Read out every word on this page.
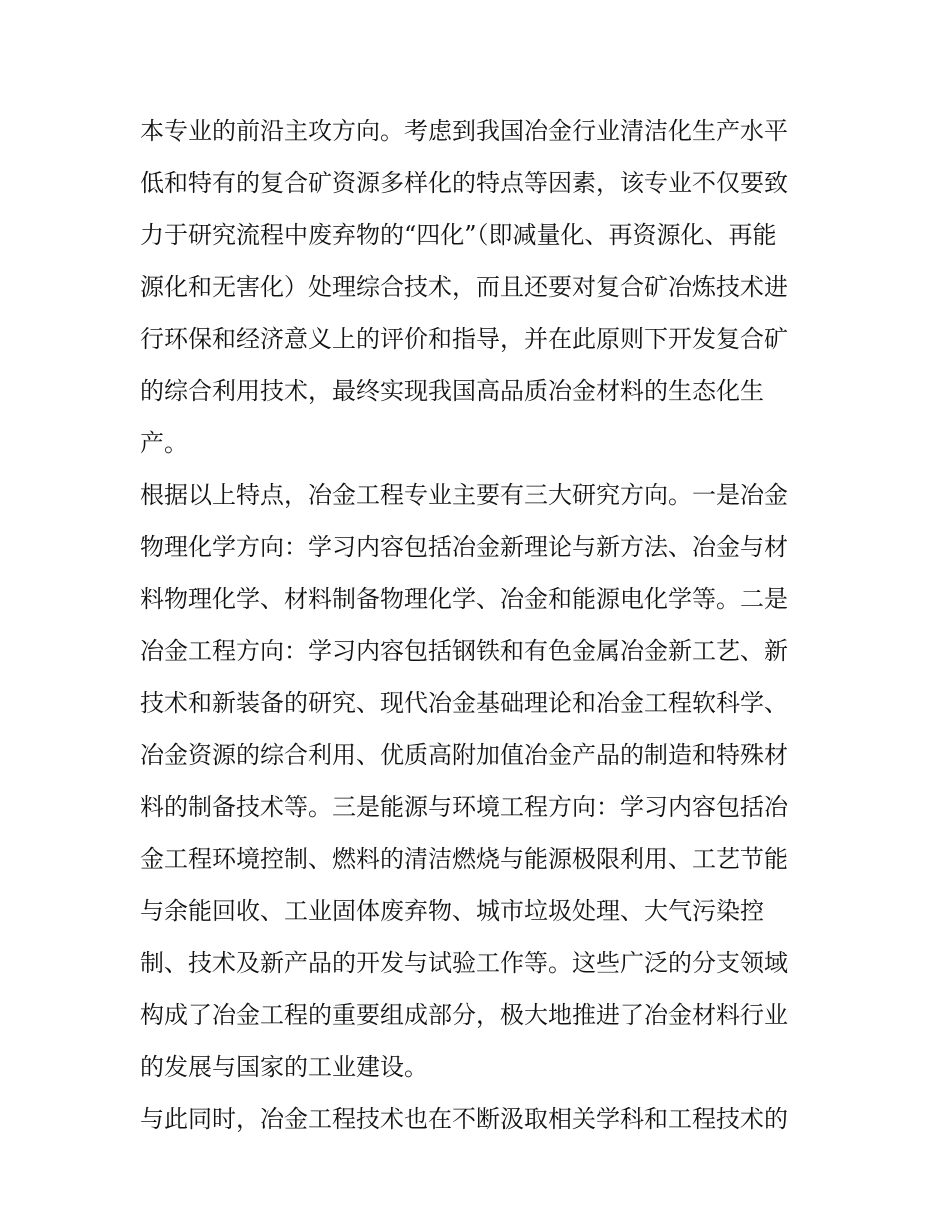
本专业的前沿主攻方向。考虑到我国冶金行业清洁化生产水平
低和特有的复合矿资源多样化的特点等因素，该专业不仅要致
力于研究流程中废弃物的“四化”（即减量化、再资源化、再能
源化和无害化）处理综合技术，而且还要对复合矿冶炼技术进
行环保和经济意义上的评价和指导，并在此原则下开发复合矿
的综合利用技术，最终实现我国高品质冶金材料的生态化生
产。
根据以上特点，冶金工程专业主要有三大研究方向。一是冶金
物理化学方向：学习内容包括冶金新理论与新方法、冶金与材
料物理化学、材料制备物理化学、冶金和能源电化学等。二是
冶金工程方向：学习内容包括钢铁和有色金属冶金新工艺、新
技术和新装备的研究、现代冶金基础理论和冶金工程软科学、
冶金资源的综合利用、优质高附加值冶金产品的制造和特殊材
料的制备技术等。三是能源与环境工程方向：学习内容包括冶
金工程环境控制、燃料的清洁燃烧与能源极限利用、工艺节能
与余能回收、工业固体废弃物、城市垃圾处理、大气污染控
制、技术及新产品的开发与试验工作等。这些广泛的分支领域
构成了冶金工程的重要组成部分，极大地推进了冶金材料行业
的发展与国家的工业建设。
与此同时，冶金工程技术也在不断汲取相关学科和工程技术的
